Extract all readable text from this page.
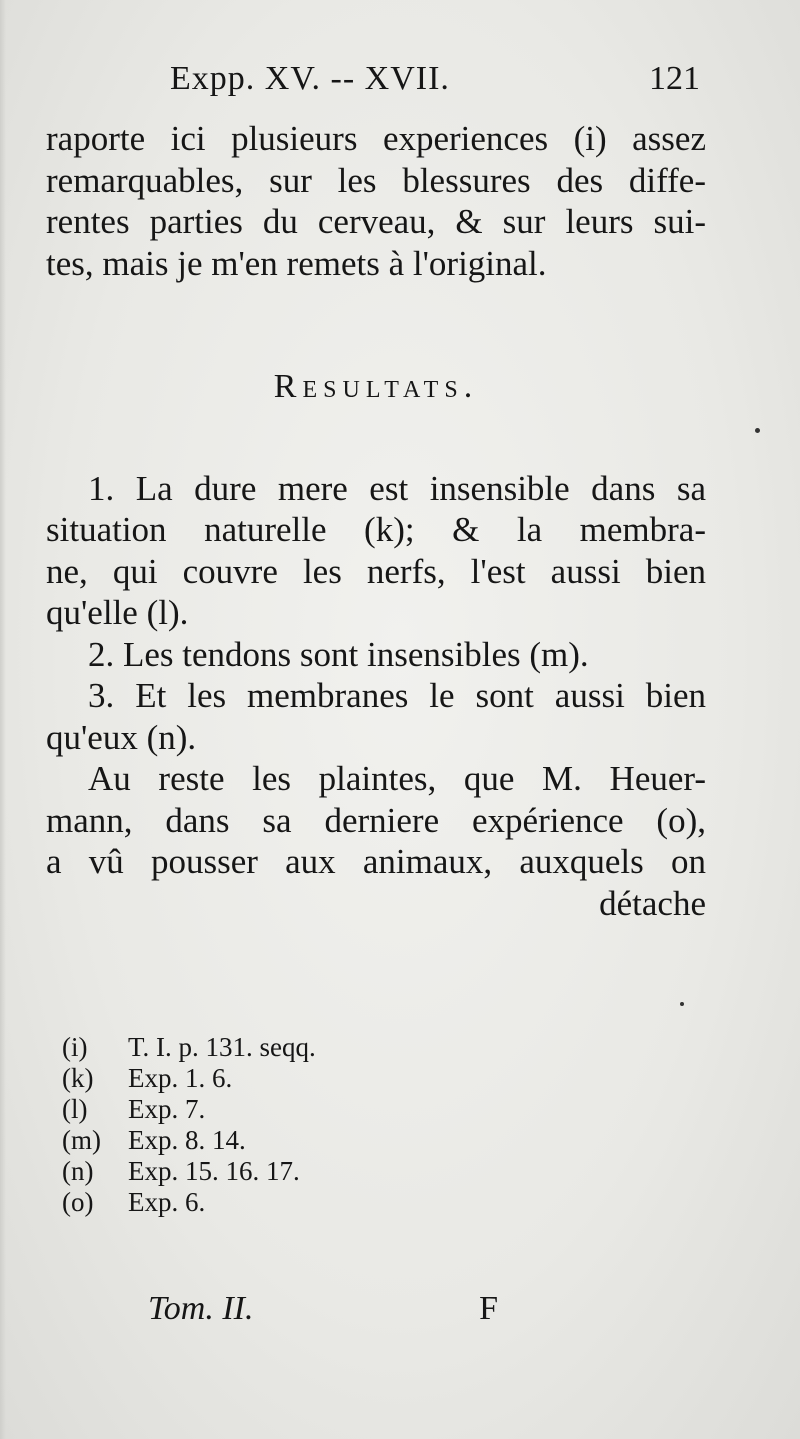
Expp. XV. -- XVII.	121
raporte ici plusieurs experiences (i) assez
remarquables, sur les blessures des diffe-
rentes parties du cerveau, & sur leurs sui-
tes, mais je m'en remets à l'original.
Resultats.
1. La dure mere est insensible dans sa
situation naturelle (k); & la membra-
ne, qui couvre les nerfs, l'est aussi bien
qu'elle (l).
2. Les tendons sont insensibles (m).
3. Et les membranes le sont aussi bien
qu'eux (n).
Au reste les plaintes, que M. Heuer-
mann, dans sa derniere expérience (o),
a vû pousser aux animaux, auxquels on
détache
(i) T. I. p. 131. seqq.
(k) Exp. 1. 6.
(l) Exp. 7.
(m) Exp. 8. 14.
(n) Exp. 15. 16. 17.
(o) Exp. 6.
Tom. II.	F
